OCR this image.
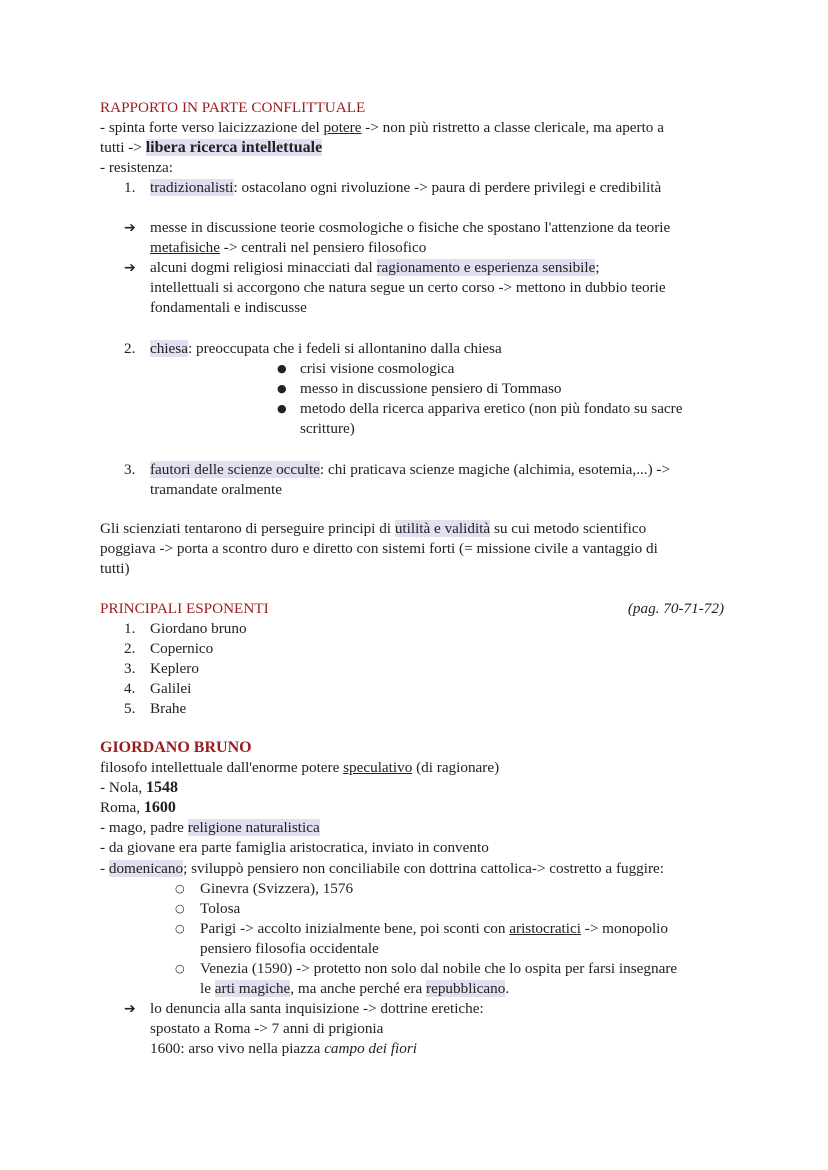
RAPPORTO IN PARTE CONFLITTUALE
- spinta forte verso laicizzazione del potere -> non più ristretto a classe clericale, ma aperto a
tutti -> libera ricerca intellettuale
- resistenza:
1. tradizionalisti: ostacolano ogni rivoluzione -> paura di perdere privilegi e credibilità
➔ messe in discussione teorie cosmologiche o fisiche che spostano l'attenzione da teorie
metafisiche -> centrali nel pensiero filosofico
➔ alcuni dogmi religiosi minacciati dal ragionamento e esperienza sensibile;
intellettuali si accorgono che natura segue un certo corso -> mettono in dubbio teorie
fondamentali e indiscusse
2. chiesa: preoccupata che i fedeli si allontanino dalla chiesa
● crisi visione cosmologica
● messo in discussione pensiero di Tommaso
● metodo della ricerca appariva eretico (non più fondato su sacre
scritture)
3. fautori delle scienze occulte: chi praticava scienze magiche (alchimia, esotemia,...) ->
tramandate oralmente
Gli scienziati tentarono di perseguire principi di utilità e validità su cui metodo scientifico
poggiava -> porta a scontro duro e diretto con sistemi forti (= missione civile a vantaggio di
tutti)
PRINCIPALI ESPONENTI	(pag. 70-71-72)
1. Giordano bruno
2. Copernico
3. Keplero
4. Galilei
5. Brahe
GIORDANO BRUNO
filosofo intellettuale dall'enorme potere speculativo (di ragionare)
- Nola, 1548
Roma, 1600
- mago, padre religione naturalistica
- da giovane era parte famiglia aristocratica, inviato in convento
- domenicano; sviluppò pensiero non conciliabile con dottrina cattolica-> costretto a fuggire:
○ Ginevra (Svizzera), 1576
○ Tolosa
○ Parigi -> accolto inizialmente bene, poi sconti con aristocratici -> monopolio
pensiero filosofia occidentale
○ Venezia (1590) -> protetto non solo dal nobile che lo ospita per farsi insegnare
le arti magiche, ma anche perché era repubblicano.
➔ lo denuncia alla santa inquisizione -> dottrine eretiche:
spostato a Roma -> 7 anni di prigionia
1600: arso vivo nella piazza campo dei fiori
